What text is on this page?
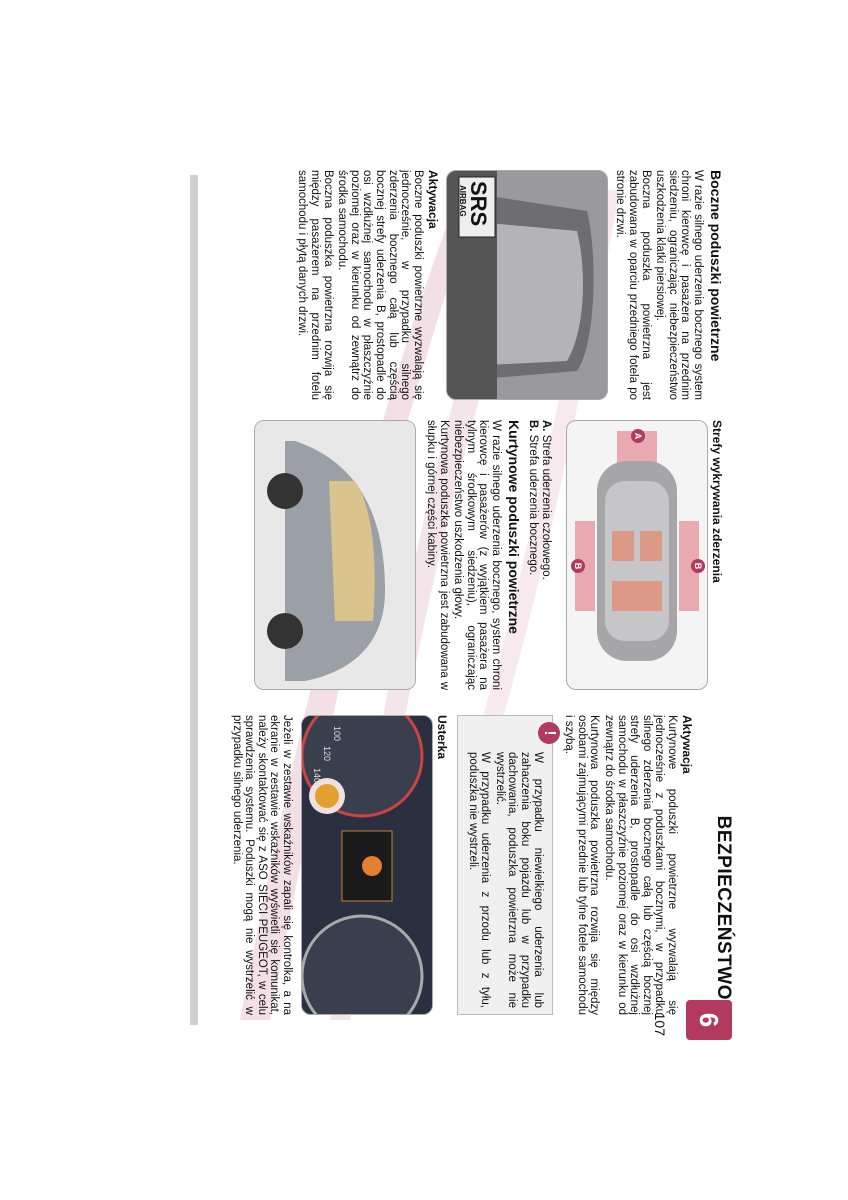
BEZPIECZEŃSTWO
6
107
Boczne poduszki powietrzne

W razie silnego uderzenia bocznego system chroni kierowcę i pasażera na przednim siedzeniu, ograniczając niebezpieczeństwo uszkodzenia klatki piersiowej.

Boczna poduszka powietrzna jest zabudowana w oparciu przedniego fotela po stronie drzwi.

SRS
AIRBAG
Aktywacja

Boczne poduszki powietrzne wyzwalają się jednocześnie, w przypadku silnego zderzenia bocznego całą lub częścią bocznej strefy uderzenia B, prostopadle do osi wzdłużnej samochodu w płaszczyźnie poziomej oraz w kierunku od zewnątrz do środka samochodu.

Boczna poduszka powietrzna rozwija się między pasażerem na przednim fotelu samochodu i płytą danych drzwi.

Strefy wykrywania zderzenia
A
B
B

A. Strefa uderzenia czołowego.

B. Strefa uderzenia bocznego.

Kurtynowe poduszki powietrzne

W razie silnego uderzenia bocznego, system chroni kierowcę i pasażerów (z wyjątkiem pasażera na tylnym środkowym siedzeniu), ograniczając niebezpieczeństwo uszkodzenia głowy.

Kurtynowa poduszka powietrzna jest zabudowana w słupku i górnej części kabiny.

Aktywacja

Kurtynowe poduszki powietrzne wyzwalają się jednocześnie z poduszkami bocznymi, w przypadku silnego zderzenia bocznego całą lub częścią bocznej strefy uderzenia B, prostopadle do osi wzdłużnej samochodu w płaszczyźnie poziomej oraz w kierunku od zewnątrz do środka samochodu.

Kurtynowa poduszka powietrzna rozwija się między osobami zajmującymi przednie lub tylne fotele samochodu i szybą.

!

W przypadku niewielkiego uderzenia lub zahaczenia boku pojazdu lub w przypadku dachowania, poduszka powietrzna może nie wystrzelić.

W przypadku uderzenia z przodu lub z tyłu, poduszka nie wystrzeli.

Usterka
100
120
140

Jeżeli w zestawie wskaźników zapali się kontrolka, a na ekranie w zestawie wskaźników wyświetli się komunikat, należy skontaktować się z ASO SIECI PEUGEOT, w celu sprawdzenia systemu. Poduszki mogą nie wystrzelić w przypadku silnego uderzenia.
